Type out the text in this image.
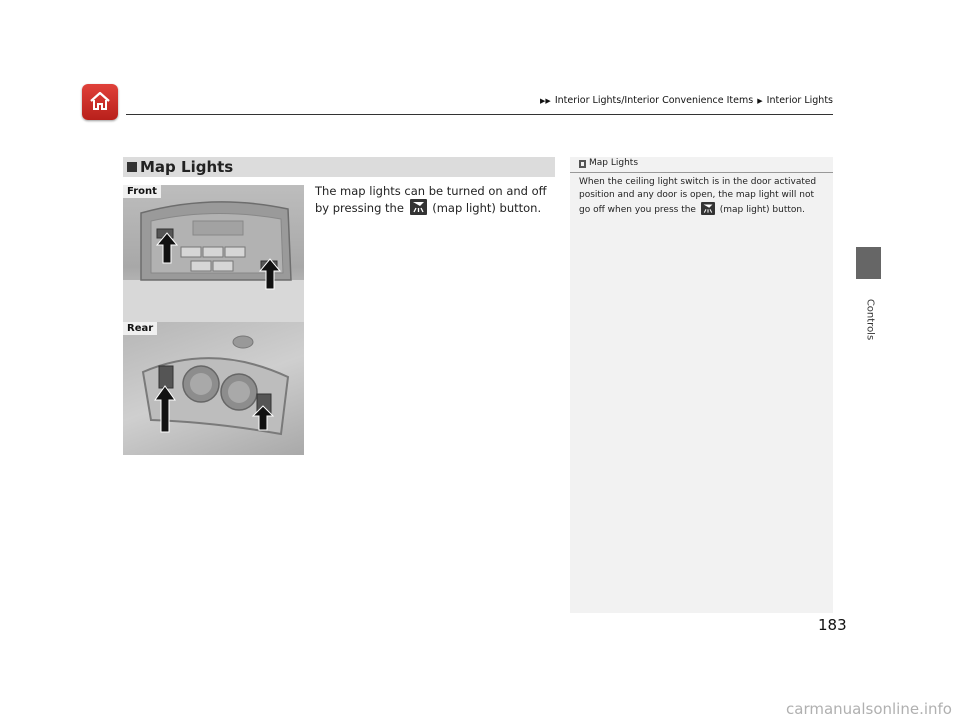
▶▶ Interior Lights/Interior Convenience Items ▶ Interior Lights
Controls
Map Lights
The map lights can be turned on and off by pressing the (map light) button.
Front
Rear
Map Lights
When the ceiling light switch is in the door activated position and any door is open, the map light will not go off when you press the	(map light) button.
183
carmanualsonline.info
